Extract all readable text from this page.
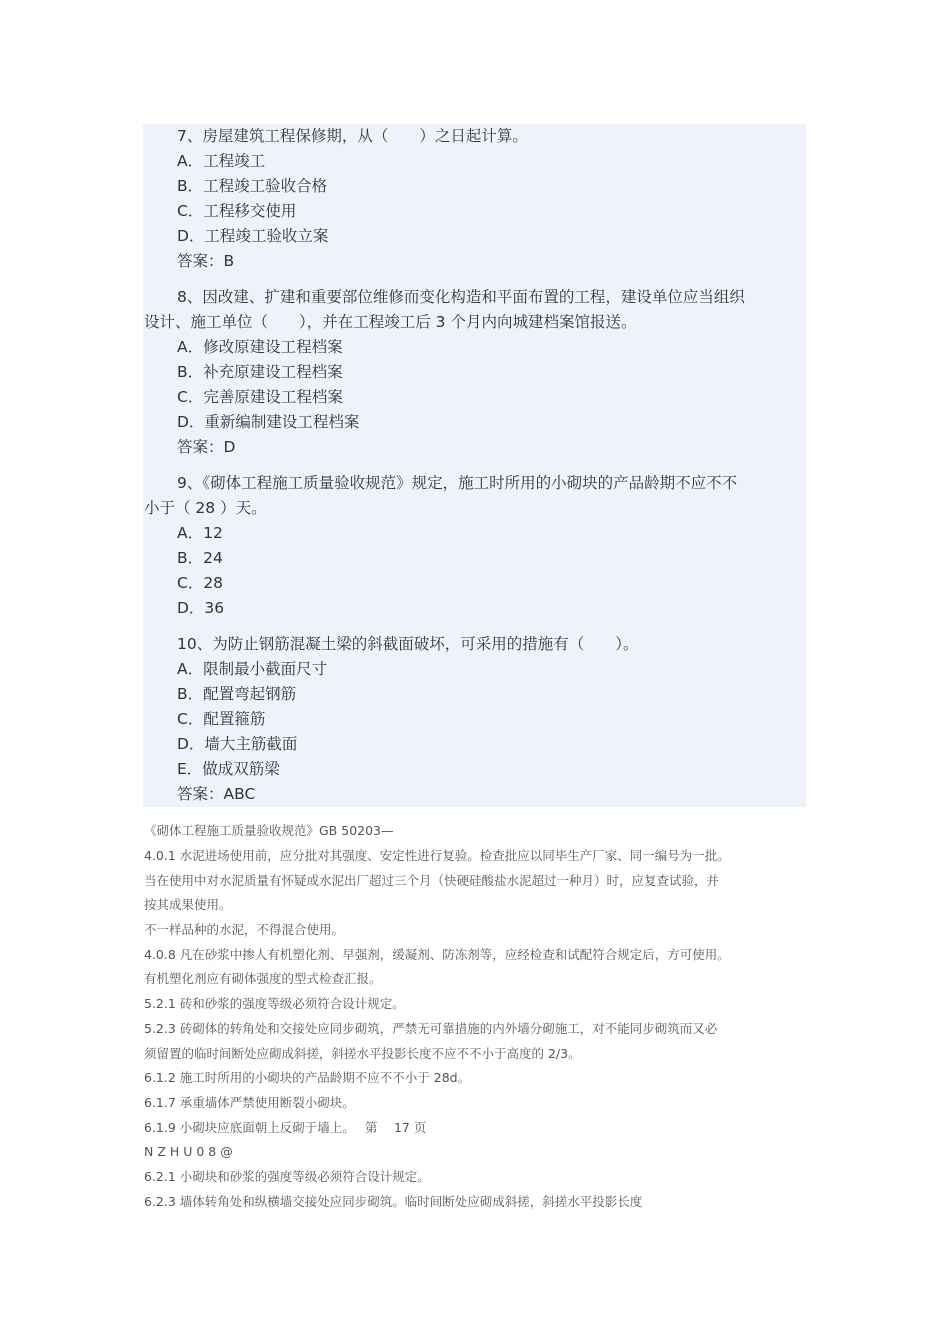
7、房屋建筑工程保修期，从（　　）之日起计算。
A．工程竣工
B．工程竣工验收合格
C．工程移交使用
D．工程竣工验收立案
答案：B
8、因改建、扩建和重要部位维修而变化构造和平面布置的工程，建设单位应当组织
设计、施工单位（　　），并在工程竣工后 3 个月内向城建档案馆报送。
A．修改原建设工程档案
B．补充原建设工程档案
C．完善原建设工程档案
D．重新编制建设工程档案
答案：D
9、《砌体工程施工质量验收规范》规定，施工时所用的小砌块的产品龄期不应不不
小于（ 28 ）天。
A．12
B．24
C．28
D．36
10、为防止钢筋混凝土梁的斜截面破坏，可采用的措施有（　　）。
A．限制最小截面尺寸
B．配置弯起钢筋
C．配置箍筋
D．墙大主筋截面
E．做成双筋梁
答案：ABC
《砌体工程施工质量验收规范》GB 50203—
4.0.1 水泥进场使用前，应分批对其强度、安定性进行复验。检查批应以同毕生产厂家、同一编号为一批。
当在使用中对水泥质量有怀疑或水泥出厂超过三个月（快硬硅酸盐水泥超过一种月）时，应复查试验，并
按其成果使用。
不一样品种的水泥，不得混合使用。
4.0.8 凡在砂浆中掺人有机塑化剂、早强剂，缓凝剂、防冻剂等，应经检查和试配符合规定后，方可使用。
有机塑化剂应有砌体强度的型式检查汇报。
5.2.1 砖和砂浆的强度等级必须符合设计规定。
5.2.3 砖砌体的转角处和交接处应同步砌筑，严禁无可靠措施的内外墙分砌施工，对不能同步砌筑而又必
须留置的临时间断处应砌成斜搓，斜搓水平投影长度不应不不小于高度的 2/3。
6.1.2 施工时所用的小砌块的产品龄期不应不不小于 28d。
6.1.7 承重墙体严禁使用断裂小砌块。
6.1.9 小砌块应底面朝上反砌于墙上。　 第　 17 页
N Z H U 0 8 @
6.2.1 小砌块和砂浆的强度等级必须符合设计规定。
6.2.3 墙体转角处和纵横墙交接处应同步砌筑。临时间断处应砌成斜搓，斜搓水平投影长度
